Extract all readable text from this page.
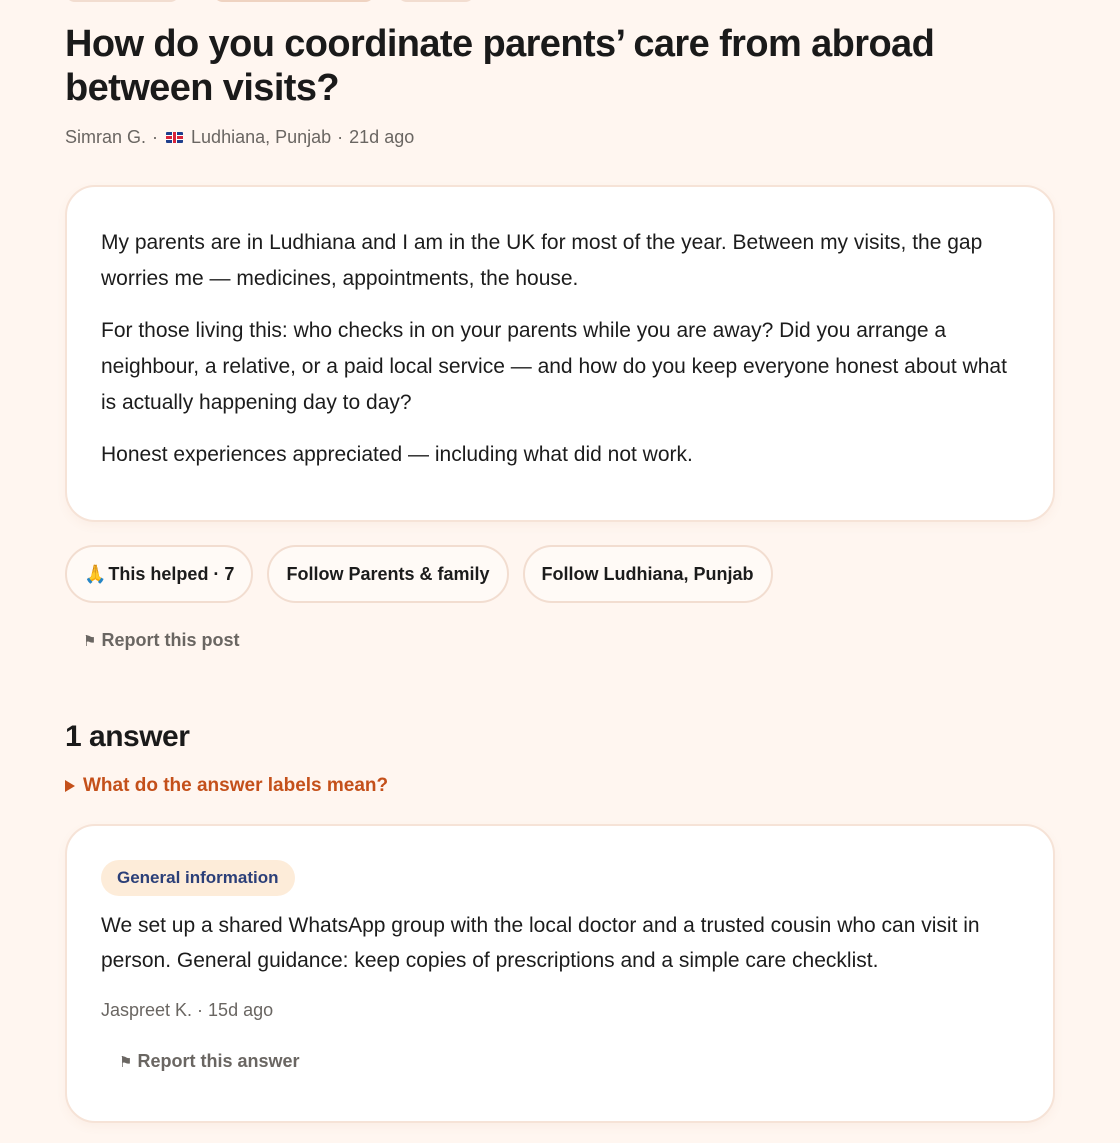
How do you coordinate parents’ care from abroad between visits?
Simran G. · Ludhiana, Punjab · 21d ago

My parents are in Ludhiana and I am in the UK for most of the year. Between my visits, the gap worries me — medicines, appointments, the house.

For those living this: who checks in on your parents while you are away? Did you arrange a neighbour, a relative, or a paid local service — and how do you keep everyone honest about what is actually happening day to day?

Honest experiences appreciated — including what did not work.

🙏 This helped · 7	Follow Parents & family	Follow Ludhiana, Punjab
⚑ Report this post
1 answer
What do the answer labels mean?
General information

We set up a shared WhatsApp group with the local doctor and a trusted cousin who can visit in person. General guidance: keep copies of prescriptions and a simple care checklist.

Jaspreet K. · 15d ago
⚑ Report this answer
